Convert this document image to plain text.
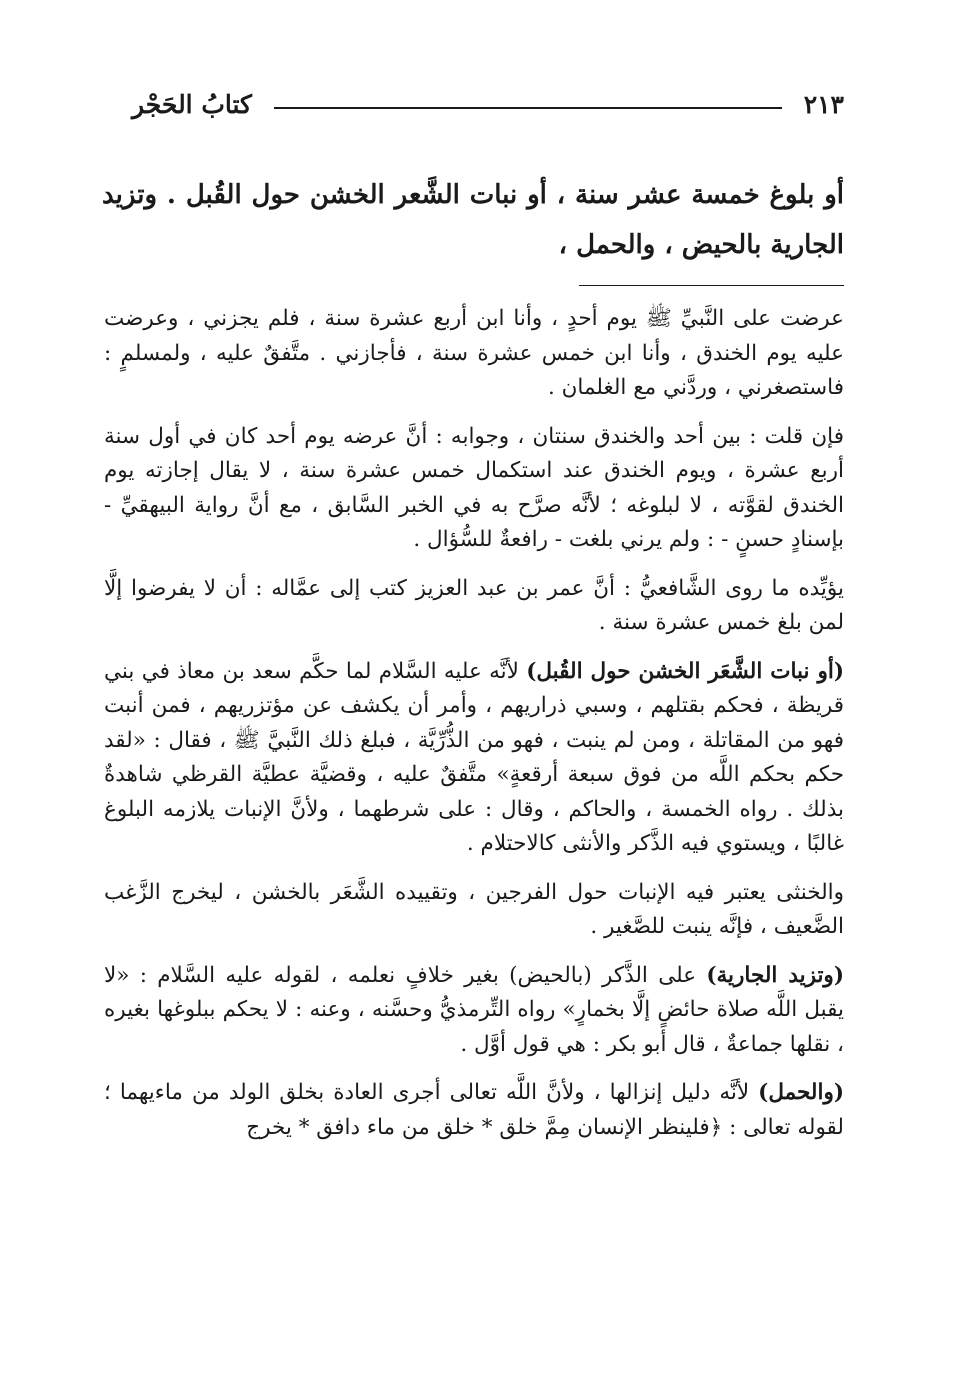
كتابُ الحَجْر	٢١٣
أو بلوغ خمسة عشر سنة ، أو نبات الشَّعر الخشن حول القُبل . وتزيد الجارية بالحيض ، والحمل ،

عرضت على النَّبيِّ ﷺ يوم أحدٍ ، وأنا ابن أربع عشرة سنة ، فلم يجزني ، وعرضت عليه يوم الخندق ، وأنا ابن خمس عشرة سنة ، فأجازني . متَّفقٌ عليه ، ولمسلمٍ : فاستصغرني ، وردَّني مع الغلمان .

فإن قلت : بين أحد والخندق سنتان ، وجوابه : أنَّ عرضه يوم أحد كان في أول سنة أربع عشرة ، ويوم الخندق عند استكمال خمس عشرة سنة ، لا يقال إجازته يوم الخندق لقوَّته ، لا لبلوغه ؛ لأنَّه صرَّح به في الخبر السَّابق ، مع أنَّ رواية البيهقيِّ - بإسنادٍ حسنٍ - : ولم يرني بلغت - رافعةٌ للسُّؤال .

يؤيِّده ما روى الشَّافعيُّ : أنَّ عمر بن عبد العزيز كتب إلى عمَّاله : أن لا يفرضوا إلَّا لمن بلغ خمس عشرة سنة .

(أو نبات الشَّعَر الخشن حول القُبل) لأنَّه عليه السَّلام لما حكَّم سعد بن معاذ في بني قريظة ، فحكم بقتلهم ، وسبي ذراريهم ، وأمر أن يكشف عن مؤتزريهم ، فمن أنبت فهو من المقاتلة ، ومن لم ينبت ، فهو من الذُّرِّيَّة ، فبلغ ذلك النَّبيَّ ﷺ ، فقال : «لقد حكم بحكم اللَّه من فوق سبعة أرقعةٍ» متَّفقٌ عليه ، وقضيَّة عطيَّة القرظي شاهدةٌ بذلك . رواه الخمسة ، والحاكم ، وقال : على شرطهما ، ولأنَّ الإنبات يلازمه البلوغ غالبًا ، ويستوي فيه الذَّكر والأنثى كالاحتلام .

والخنثى يعتبر فيه الإنبات حول الفرجين ، وتقييده الشَّعَر بالخشن ، ليخرج الزَّغب الضَّعيف ، فإنَّه ينبت للصَّغير .

(وتزيد الجارية) على الذَّكر (بالحيض) بغير خلافٍ نعلمه ، لقوله عليه السَّلام : «لا يقبل اللَّه صلاة حائضٍ إلَّا بخمارٍ» رواه التِّرمذيُّ وحسَّنه ، وعنه : لا يحكم ببلوغها بغيره ، نقلها جماعةٌ ، قال أبو بكر : هي قول أوَّل .

(والحمل) لأنَّه دليل إنزالها ، ولأنَّ اللَّه تعالى أجرى العادة بخلق الولد من ماءيهما ؛ لقوله تعالى : ﴿فلينظر الإنسان مِمَّ خلق * خلق من ماء دافق * يخرج
